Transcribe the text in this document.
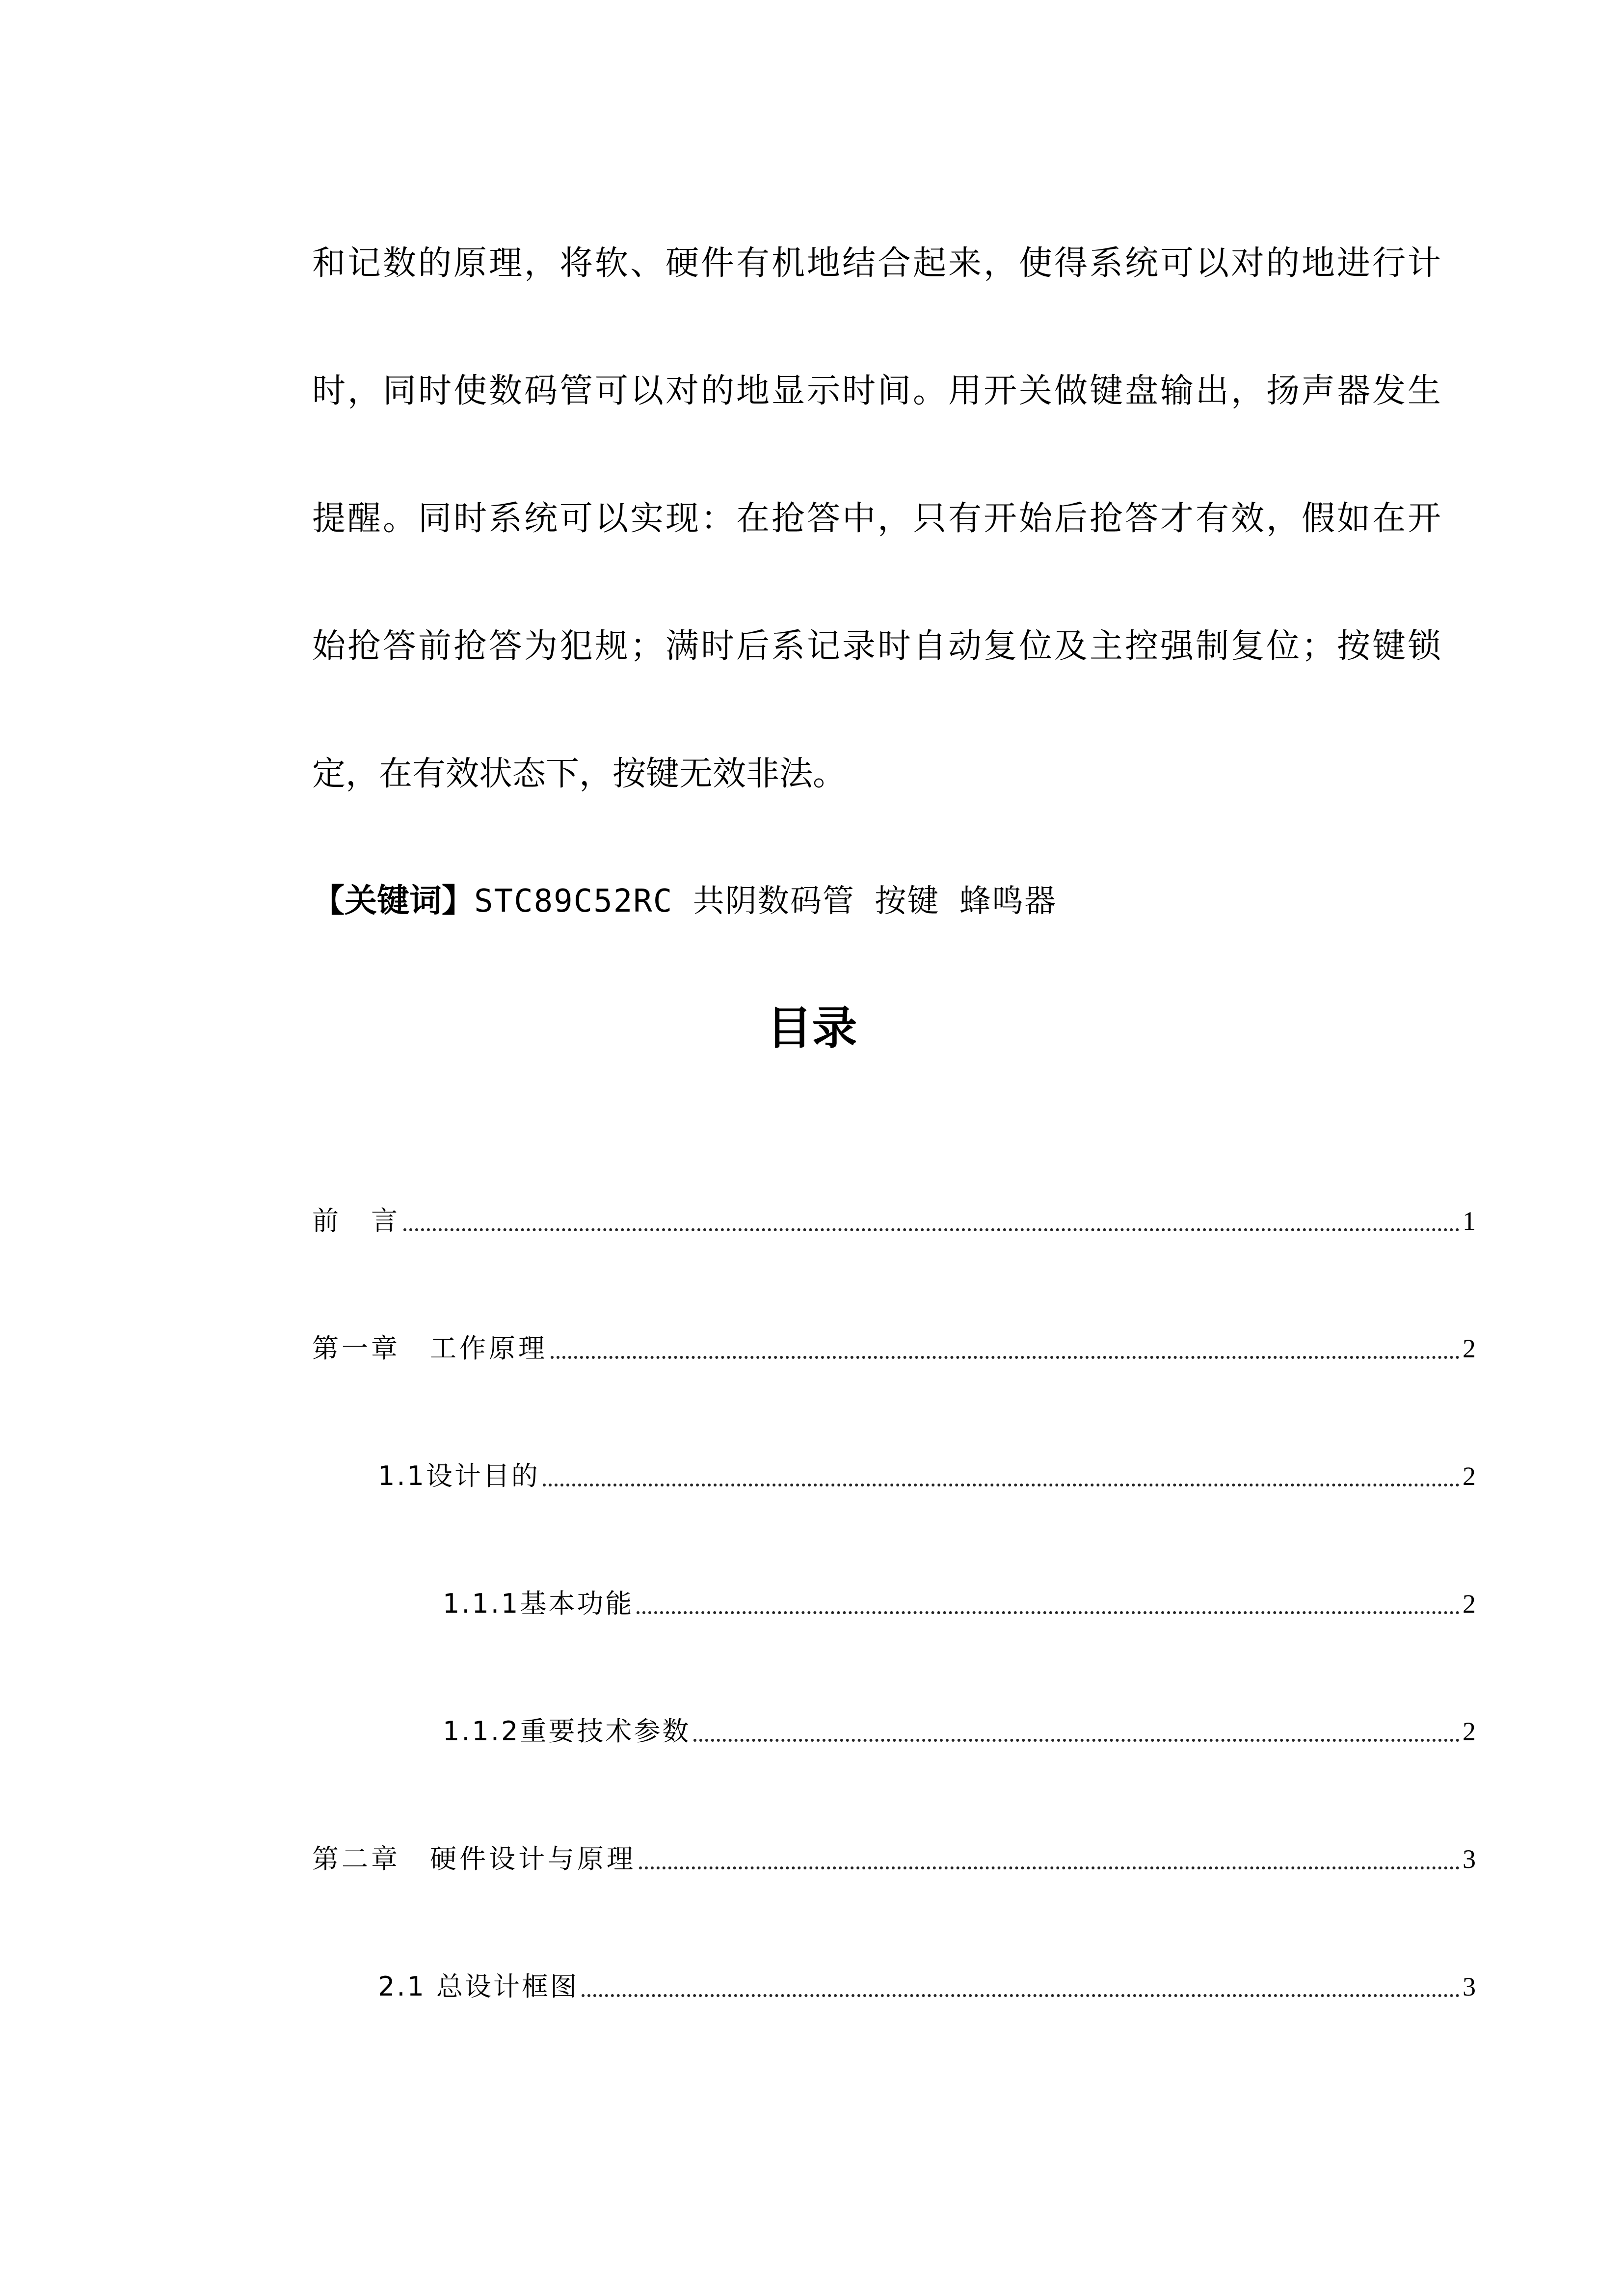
和记数的原理，将软、硬件有机地结合起来，使得系统可以对的地进行计
时，同时使数码管可以对的地显示时间。用开关做键盘输出，扬声器发生
提醒。同时系统可以实现：在抢答中，只有开始后抢答才有效，假如在开
始抢答前抢答为犯规；满时后系记录时自动复位及主控强制复位；按键锁
定，在有效状态下，按键无效非法。
【关键词】STC89C52RC 共阴数码管 按键 蜂鸣器
目录
前　言	1
第一章　工作原理	2
1.1设计目的	2
1.1.1基本功能	2
1.1.2重要技术参数	2
第二章　硬件设计与原理	3
2.1 总设计框图	3
